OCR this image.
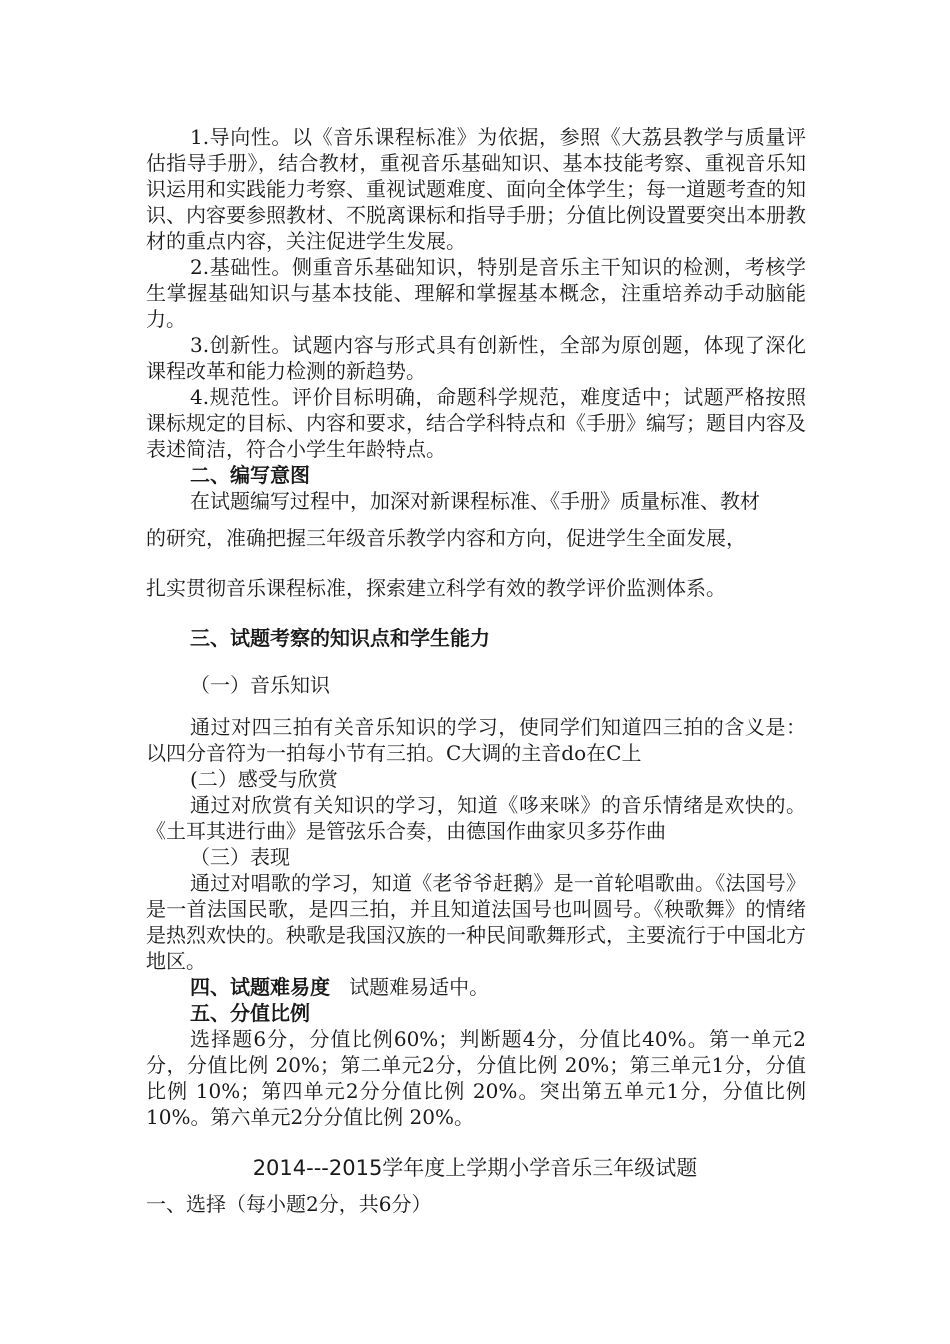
1.导向性。以《音乐课程标准》为依据，参照《大荔县教学与质量评估指导手册》，结合教材，重视音乐基础知识、基本技能考察、重视音乐知识运用和实践能力考察、重视试题难度、面向全体学生；每一道题考查的知识、内容要参照教材、不脱离课标和指导手册；分值比例设置要突出本册教材的重点内容，关注促进学生发展。

2.基础性。侧重音乐基础知识，特别是音乐主干知识的检测，考核学生掌握基础知识与基本技能、理解和掌握基本概念，注重培养动手动脑能力。

3.创新性。试题内容与形式具有创新性，全部为原创题，体现了深化课程改革和能力检测的新趋势。

4.规范性。评价目标明确，命题科学规范，难度适中；试题严格按照课标规定的目标、内容和要求，结合学科特点和《手册》编写；题目内容及表述简洁，符合小学生年龄特点。

二、编写意图

在试题编写过程中，加深对新课程标准、《手册》质量标准、教材

的研究，准确把握三年级音乐教学内容和方向，促进学生全面发展，

扎实贯彻音乐课程标准，探索建立科学有效的教学评价监测体系。

三、试题考察的知识点和学生能力

（一）音乐知识

通过对四三拍有关音乐知识的学习，使同学们知道四三拍的含义是：以四分音符为一拍每小节有三拍。C大调的主音do在C上

(二）感受与欣赏

通过对欣赏有关知识的学习，知道《哆来咪》的音乐情绪是欢快的。《土耳其进行曲》是管弦乐合奏，由德国作曲家贝多芬作曲

（三）表现

通过对唱歌的学习，知道《老爷爷赶鹅》是一首轮唱歌曲。《法国号》是一首法国民歌，是四三拍，并且知道法国号也叫圆号。《秧歌舞》的情绪是热烈欢快的。秧歌是我国汉族的一种民间歌舞形式，主要流行于中国北方地区。

四、试题难易度 试题难易适中。

五、分值比例

选择题6分，分值比例60%；判断题4分，分值比40%。第一单元2分，分值比例 20%；第二单元2分，分值比例 20%；第三单元1分，分值比例 10%；第四单元2分分值比例 20%。突出第五单元1分，分值比例 10%。第六单元2分分值比例 20%。

2014---2015学年度上学期小学音乐三年级试题

一、选择（每小题2分，共6分）
